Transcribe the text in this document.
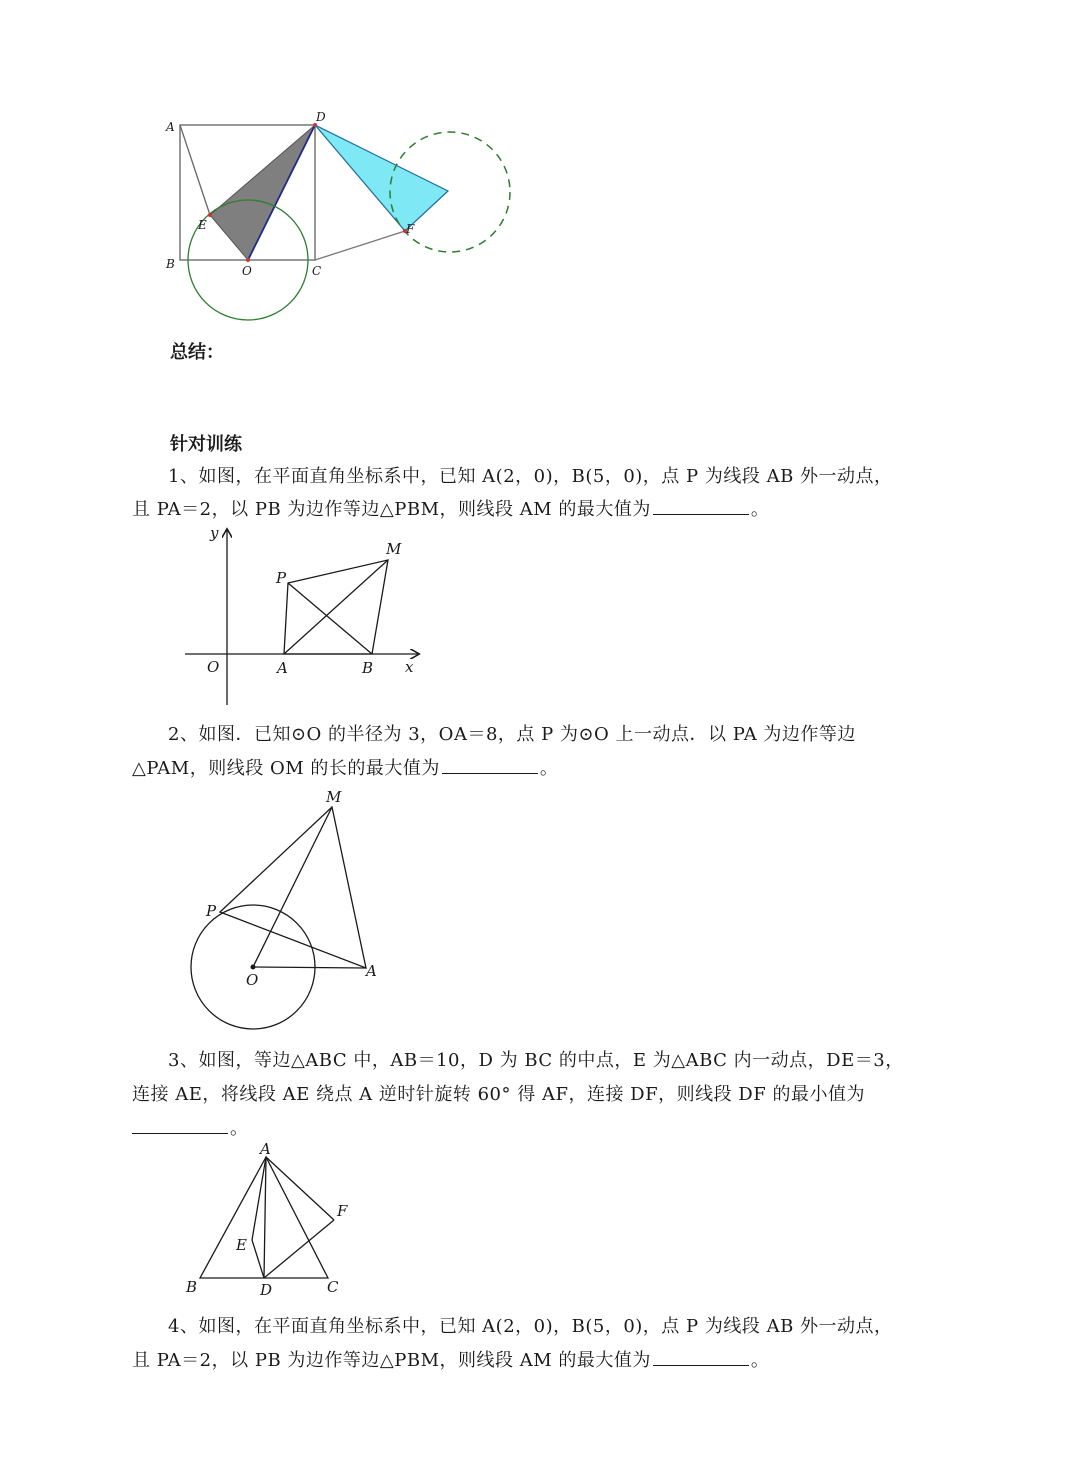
A
B	C
D
E	F
O
总结：
针对训练
1、如图，在平面直角坐标系中，已知 A(2，0)，B(5，0)，点 P 为线段 AB 外一动点，
且 PA＝2，以 PB 为边作等边△PBM，则线段 AM 的最大值为	。
y
x
O	A	B
P
M
2、如图．已知⊙O 的半径为 3，OA＝8，点 P 为⊙O 上一动点．以 PA 为边作等边
△PAM，则线段 OM 的长的最大值为	。
M
P
O	A
3、如图，等边△ABC 中，AB＝10，D 为 BC 的中点，E 为△ABC 内一动点，DE＝3，
连接 AE，将线段 AE 绕点 A 逆时针旋转 60° 得 AF，连接 DF，则线段 DF 的最小值为
。
A
B	C
D
E
F
4、如图，在平面直角坐标系中，已知 A(2，0)，B(5，0)，点 P 为线段 AB 外一动点，
且 PA＝2，以 PB 为边作等边△PBM，则线段 AM 的最大值为	。
